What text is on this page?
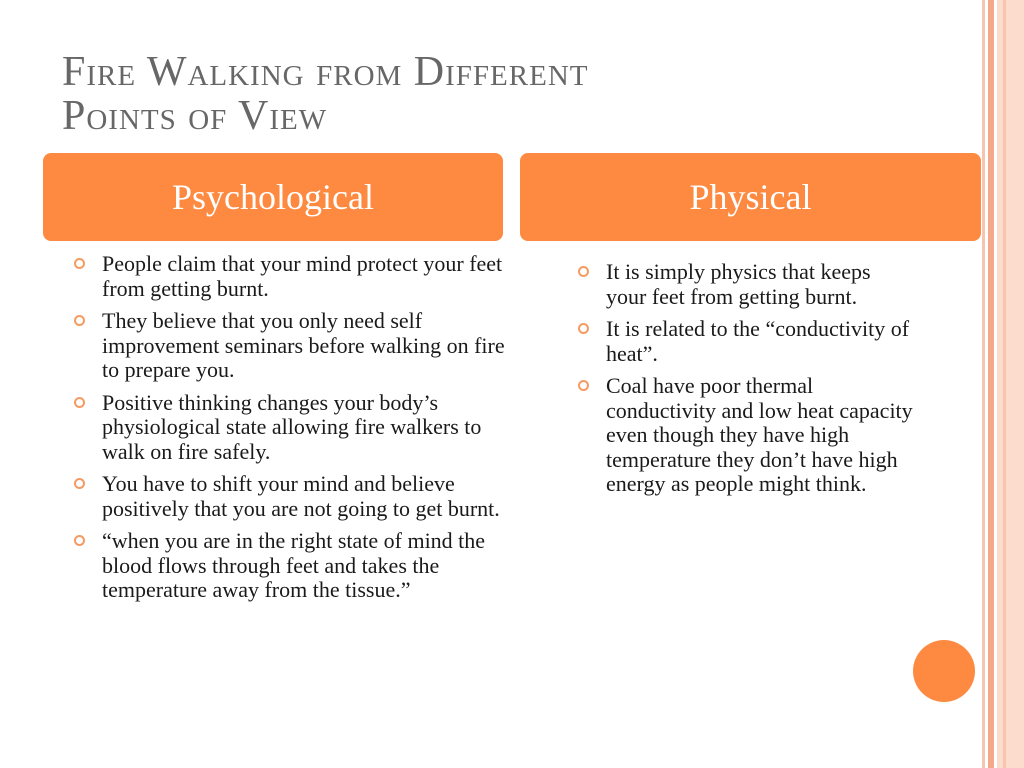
Fire Walking from Different
Points of View
Psychological	Physical
People claim that your mind protect your feet from getting burnt.
They believe that you only need self improvement seminars before walking on fire to prepare you.
Positive thinking changes your body’s physiological state allowing fire walkers to walk on fire safely.
You have to shift your mind and believe positively that you are not going to get burnt.
“when you are in the right state of mind the blood flows through feet and takes the temperature away from the tissue.”
It is simply physics that keeps your feet from getting burnt.
It is related to the “conductivity of heat”.
Coal have poor thermal conductivity and low heat capacity even though they have high temperature they don’t have high energy as people might think.
